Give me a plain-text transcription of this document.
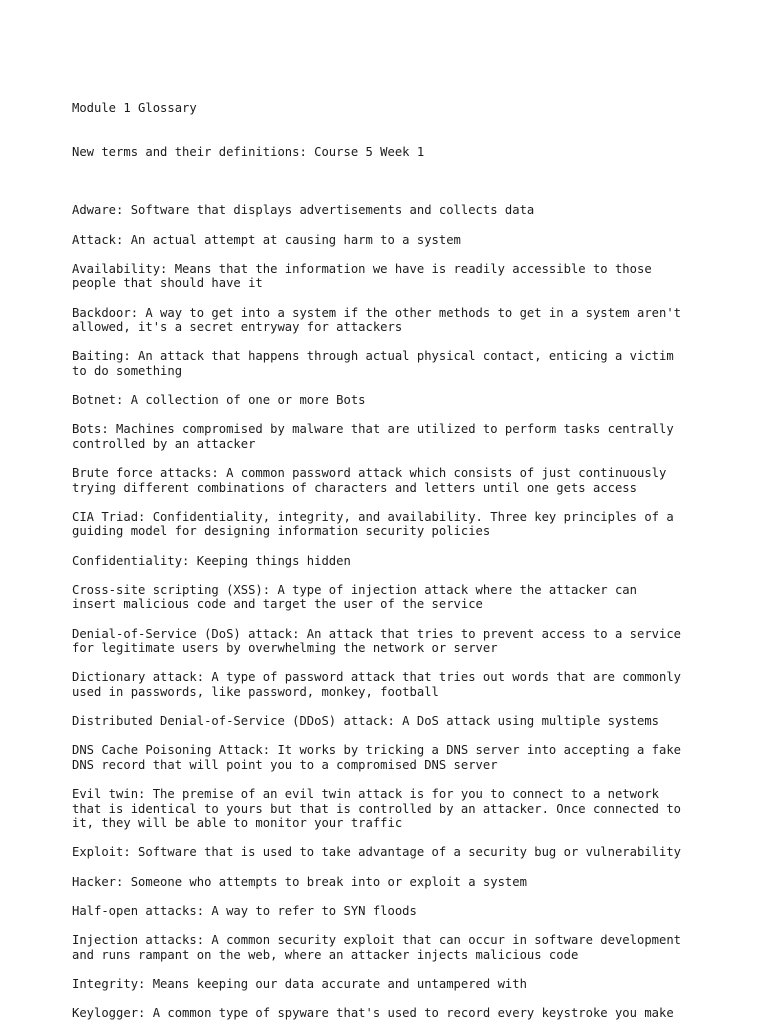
Module 1 Glossary

New terms and their definitions: Course 5 Week 1

Adware: Software that displays advertisements and collects data
Attack: An actual attempt at causing harm to a system
Availability: Means that the information we have is readily accessible to those
people that should have it
Backdoor: A way to get into a system if the other methods to get in a system aren't
allowed, it's a secret entryway for attackers
Baiting: An attack that happens through actual physical contact, enticing a victim
to do something
Botnet: A collection of one or more Bots
Bots: Machines compromised by malware that are utilized to perform tasks centrally
controlled by an attacker
Brute force attacks: A common password attack which consists of just continuously
trying different combinations of characters and letters until one gets access
CIA Triad: Confidentiality, integrity, and availability. Three key principles of a
guiding model for designing information security policies
Confidentiality: Keeping things hidden
Cross-site scripting (XSS): A type of injection attack where the attacker can
insert malicious code and target the user of the service
Denial-of-Service (DoS) attack: An attack that tries to prevent access to a service
for legitimate users by overwhelming the network or server
Dictionary attack: A type of password attack that tries out words that are commonly
used in passwords, like password, monkey, football
Distributed Denial-of-Service (DDoS) attack: A DoS attack using multiple systems
DNS Cache Poisoning Attack: It works by tricking a DNS server into accepting a fake
DNS record that will point you to a compromised DNS server
Evil twin: The premise of an evil twin attack is for you to connect to a network
that is identical to yours but that is controlled by an attacker. Once connected to
it, they will be able to monitor your traffic
Exploit: Software that is used to take advantage of a security bug or vulnerability
Hacker: Someone who attempts to break into or exploit a system
Half-open attacks: A way to refer to SYN floods
Injection attacks: A common security exploit that can occur in software development
and runs rampant on the web, where an attacker injects malicious code
Integrity: Means keeping our data accurate and untampered with
Keylogger: A common type of spyware that's used to record every keystroke you make
